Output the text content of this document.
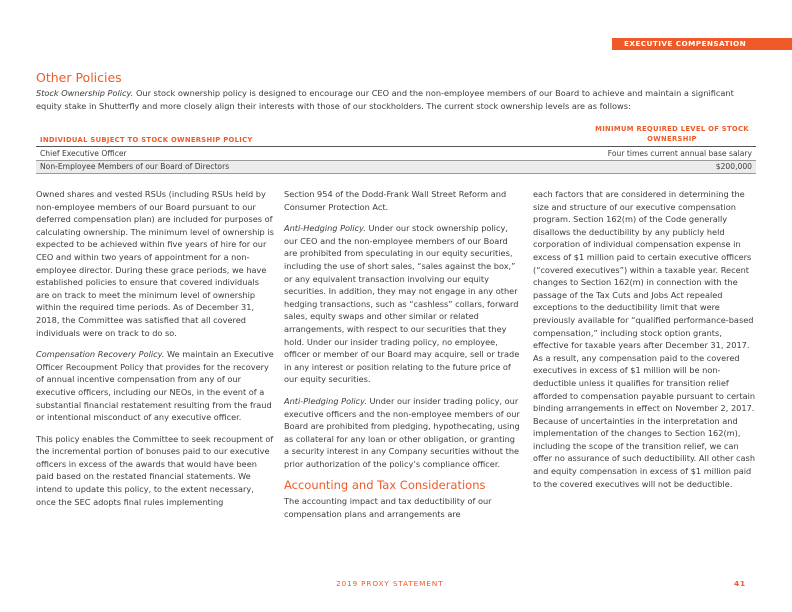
EXECUTIVE COMPENSATION
Other Policies

Stock Ownership Policy. Our stock ownership policy is designed to encourage our CEO and the non-employee members of our Board to achieve and maintain a significant equity stake in Shutterfly and more closely align their interests with those of our stockholders. The current stock ownership levels are as follows:

INDIVIDUAL SUBJECT TO STOCK OWNERSHIP POLICY	MINIMUM REQUIRED LEVEL OF STOCK OWNERSHIP
Chief Executive Officer	Four times current annual base salary
Non-Employee Members of our Board of Directors	$200,000

Owned shares and vested RSUs (including RSUs held by non-employee members of our Board pursuant to our deferred compensation plan) are included for purposes of calculating ownership. The minimum level of ownership is expected to be achieved within five years of hire for our CEO and within two years of appointment for a non-employee director. During these grace periods, we have established policies to ensure that covered individuals are on track to meet the minimum level of ownership within the required time periods. As of December 31, 2018, the Committee was satisfied that all covered individuals were on track to do so.

Compensation Recovery Policy. We maintain an Executive Officer Recoupment Policy that provides for the recovery of annual incentive compensation from any of our executive officers, including our NEOs, in the event of a substantial financial restatement resulting from the fraud or intentional misconduct of any executive officer.

This policy enables the Committee to seek recoupment of the incremental portion of bonuses paid to our executive officers in excess of the awards that would have been paid based on the restated financial statements. We intend to update this policy, to the extent necessary, once the SEC adopts final rules implementing

Section 954 of the Dodd-Frank Wall Street Reform and Consumer Protection Act.

Anti-Hedging Policy. Under our stock ownership policy, our CEO and the non-employee members of our Board are prohibited from speculating in our equity securities, including the use of short sales, “sales against the box,” or any equivalent transaction involving our equity securities. In addition, they may not engage in any other hedging transactions, such as “cashless” collars, forward sales, equity swaps and other similar or related arrangements, with respect to our securities that they hold. Under our insider trading policy, no employee, officer or member of our Board may acquire, sell or trade in any interest or position relating to the future price of our equity securities.

Anti-Pledging Policy. Under our insider trading policy, our executive officers and the non-employee members of our Board are prohibited from pledging, hypothecating, using as collateral for any loan or other obligation, or granting a security interest in any Company securities without the prior authorization of the policy’s compliance officer.

Accounting and Tax Considerations

The accounting impact and tax deductibility of our compensation plans and arrangements are

each factors that are considered in determining the size and structure of our executive compensation program. Section 162(m) of the Code generally disallows the deductibility by any publicly held corporation of individual compensation expense in excess of $1 million paid to certain executive officers (“covered executives”) within a taxable year. Recent changes to Section 162(m) in connection with the passage of the Tax Cuts and Jobs Act repealed exceptions to the deductibility limit that were previously available for “qualified performance-based compensation,” including stock option grants, effective for taxable years after December 31, 2017. As a result, any compensation paid to the covered executives in excess of $1 million will be non-deductible unless it qualifies for transition relief afforded to compensation payable pursuant to certain binding arrangements in effect on November 2, 2017. Because of uncertainties in the interpretation and implementation of the changes to Section 162(m), including the scope of the transition relief, we can offer no assurance of such deductibility. All other cash and equity compensation in excess of $1 million paid to the covered executives will not be deductible.

2019 PROXY STATEMENT	41
